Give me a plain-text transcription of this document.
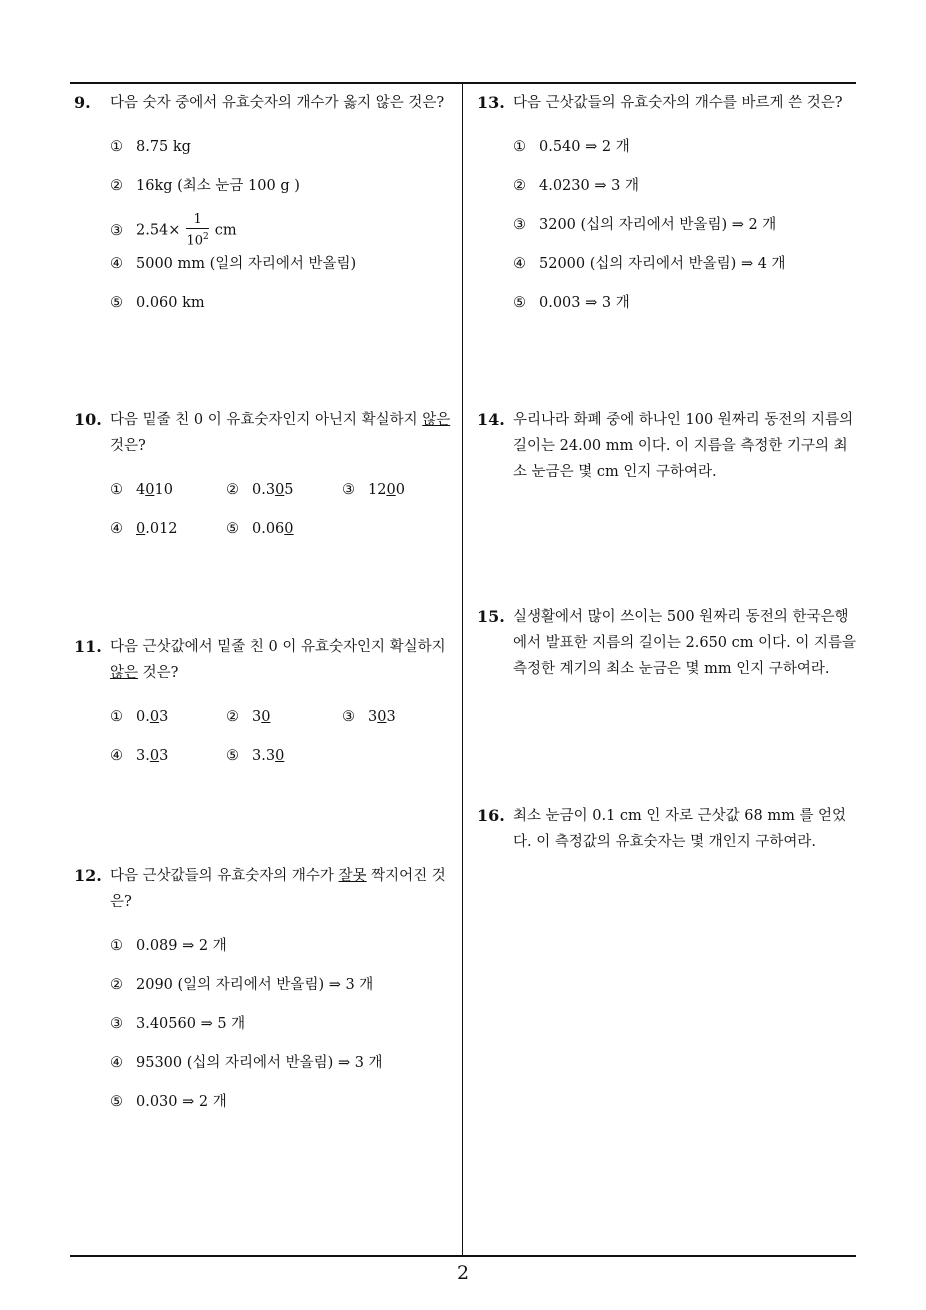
9. 다음 숫자 중에서 유효숫자의 개수가 옳지 않은 것은?
① 8.75 kg
② 16kg (최소 눈금 100 g )
③ $2.54\times \frac{1}{10^2}$ cm
④ 5000 mm (일의 자리에서 반올림)
⑤ 0.060 km
10. 다음 밑줄 친 0 이 유효숫자인지 아닌지 확실하지 않은 것은?
① 4010	② 0.305	③ 1200
④ 0.012	⑤ 0.060
11. 다음 근삿값에서 밑줄 친 0 이 유효숫자인지 확실하지 않은 것은?
① 0.03	② 30	③ 303
④ 3.03	⑤ 3.30
12. 다음 근삿값들의 유효숫자의 개수가 잘못 짝지어진 것은?
① 0.089 ⇒ 2 개
② 2090 (일의 자리에서 반올림) ⇒ 3 개
③ 3.40560 ⇒ 5 개
④ 95300 (십의 자리에서 반올림) ⇒ 3 개
⑤ 0.030 ⇒ 2 개
13. 다음 근삿값들의 유효숫자의 개수를 바르게 쓴 것은?
① 0.540 ⇒ 2 개
② 4.0230 ⇒ 3 개
③ 3200 (십의 자리에서 반올림) ⇒ 2 개
④ 52000 (십의 자리에서 반올림) ⇒ 4 개
⑤ 0.003 ⇒ 3 개
14. 우리나라 화폐 중에 하나인 100 원짜리 동전의 지름의 길이는 24.00 mm 이다. 이 지름을 측정한 기구의 최소 눈금은 몇 cm 인지 구하여라.
15. 실생활에서 많이 쓰이는 500 원짜리 동전의 한국은행에서 발표한 지름의 길이는 2.650 cm 이다. 이 지름을 측정한 계기의 최소 눈금은 몇 mm 인지 구하여라.
16. 최소 눈금이 0.1 cm 인 자로 근삿값 68 mm 를 얻었다. 이 측정값의 유효숫자는 몇 개인지 구하여라.
2
